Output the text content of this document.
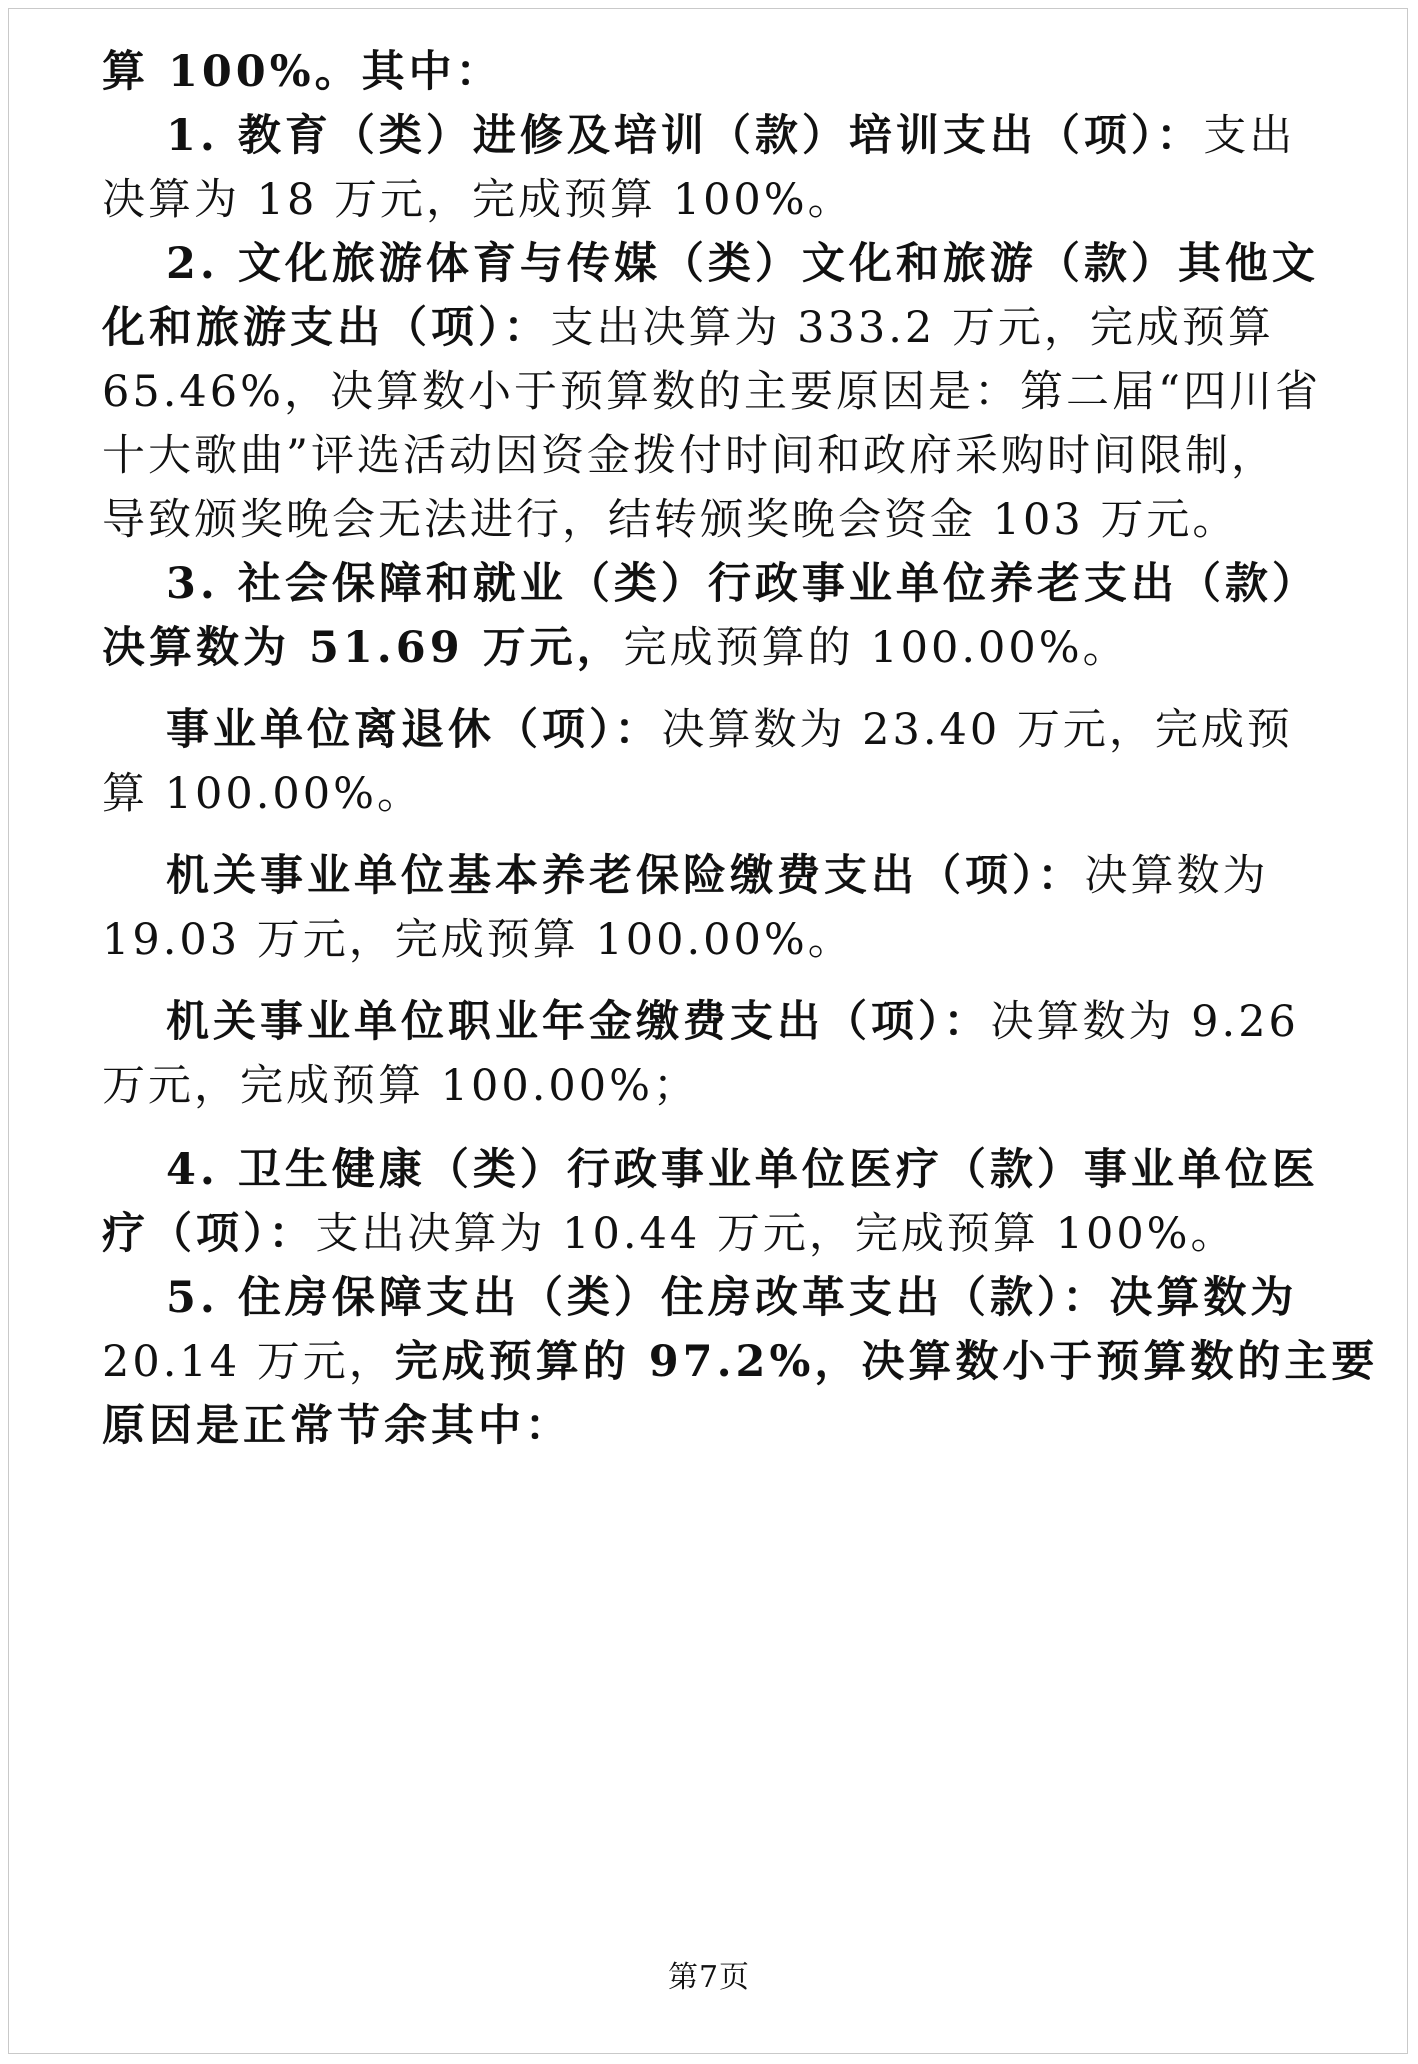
算 100%。其中：
1. 教育（类）进修及培训（款）培训支出（项）：支出
决算为 18 万元，完成预算 100%。
2. 文化旅游体育与传媒（类）文化和旅游（款）其他文
化和旅游支出（项）：支出决算为 333.2 万元，完成预算
65.46%，决算数小于预算数的主要原因是：第二届“四川省
十大歌曲”评选活动因资金拨付时间和政府采购时间限制，
导致颁奖晚会无法进行，结转颁奖晚会资金 103 万元。
3. 社会保障和就业（类）行政事业单位养老支出（款）
决算数为 51.69 万元，完成预算的 100.00%。
事业单位离退休（项）：决算数为 23.40 万元，完成预
算 100.00%。
机关事业单位基本养老保险缴费支出（项）：决算数为
19.03 万元，完成预算 100.00%。
机关事业单位职业年金缴费支出（项）：决算数为 9.26
万元，完成预算 100.00%；
4. 卫生健康（类）行政事业单位医疗（款）事业单位医
疗（项）：支出决算为 10.44 万元，完成预算 100%。
5. 住房保障支出（类）住房改革支出（款）：决算数为
20.14 万元，完成预算的 97.2%，决算数小于预算数的主要
原因是正常节余其中：
第7页
